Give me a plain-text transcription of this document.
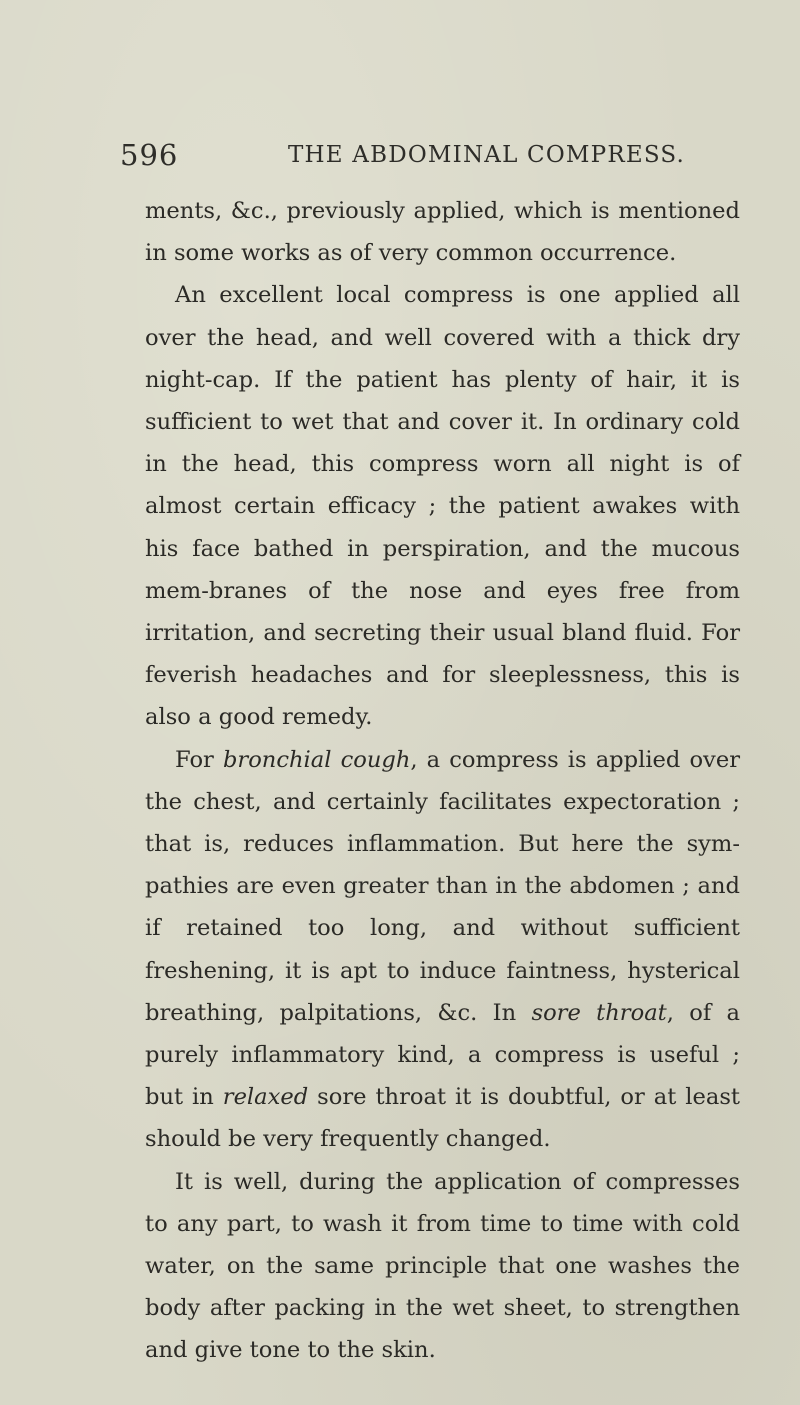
596	THE ABDOMINAL COMPRESS.

ments, &c., previously applied, which is mentioned in some works as of very common occurrence.

An excellent local compress is one applied all over the head, and well covered with a thick dry night-cap. If the patient has plenty of hair, it is sufficient to wet that and cover it. In ordinary cold in the head, this compress worn all night is of almost certain efficacy ; the patient awakes with his face bathed in perspiration, and the mucous mem-branes of the nose and eyes free from irritation, and secreting their usual bland fluid. For feverish headaches and for sleeplessness, this is also a good remedy.

For bronchial cough, a compress is applied over the chest, and certainly facilitates expectoration ; that is, reduces inflammation. But here the sym-pathies are even greater than in the abdomen ; and if retained too long, and without sufficient freshening, it is apt to induce faintness, hysterical breathing, palpitations, &c. In sore throat, of a purely inflammatory kind, a compress is useful ; but in relaxed sore throat it is doubtful, or at least should be very frequently changed.

It is well, during the application of compresses to any part, to wash it from time to time with cold water, on the same principle that one washes the body after packing in the wet sheet, to strengthen and give tone to the skin.
